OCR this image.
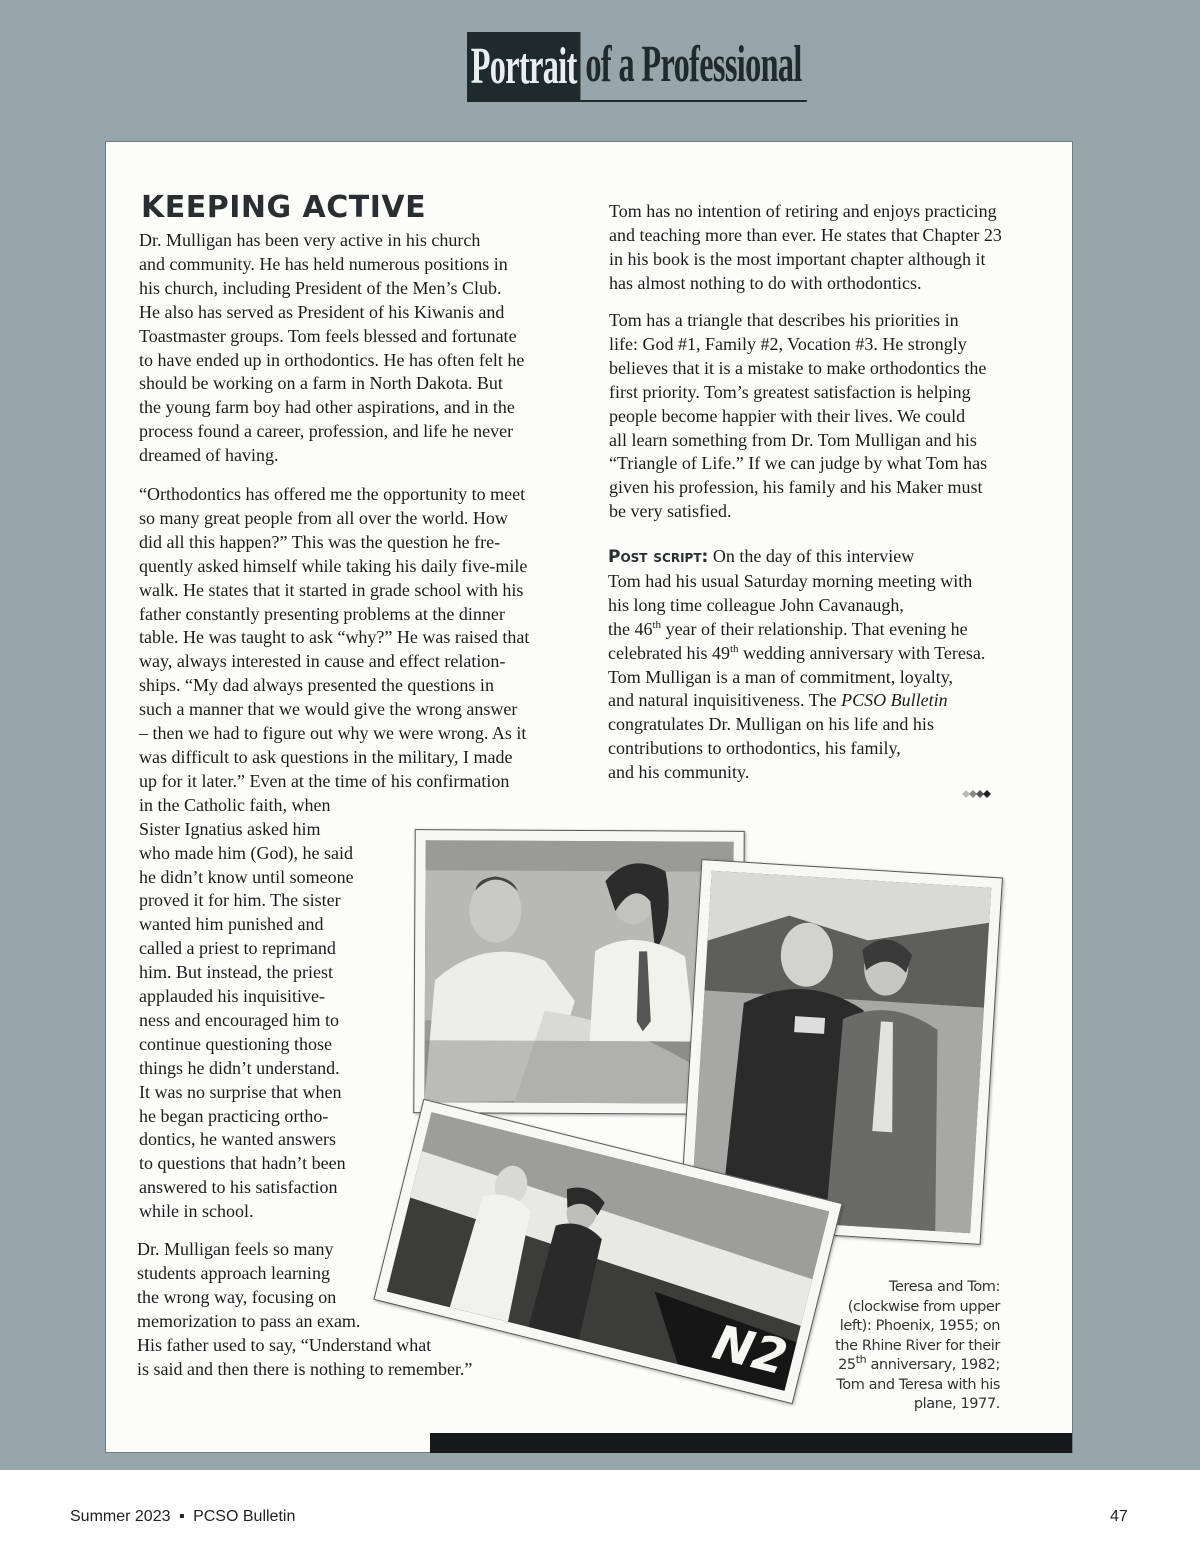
Portrait of a Professional
KEEPING ACTIVE

Dr. Mulligan has been very active in his church
and community. He has held numerous positions in
his church, including President of the Men’s Club.
He also has served as President of his Kiwanis and
Toastmaster groups. Tom feels blessed and fortunate
to have ended up in orthodontics. He has often felt he
should be working on a farm in North Dakota. But
the young farm boy had other aspirations, and in the
process found a career, profession, and life he never
dreamed of having.

“Orthodontics has offered me the opportunity to meet
so many great people from all over the world. How
did all this happen?” This was the question he fre-
quently asked himself while taking his daily five-mile
walk. He states that it started in grade school with his
father constantly presenting problems at the dinner
table. He was taught to ask “why?” He was raised that
way, always interested in cause and effect relation-
ships. “My dad always presented the questions in
such a manner that we would give the wrong answer
– then we had to figure out why we were wrong. As it
was difficult to ask questions in the military, I made
up for it later.” Even at the time of his confirmation
in the Catholic faith, when
Sister Ignatius asked him
who made him (God), he said
he didn’t know until someone
proved it for him. The sister
wanted him punished and
called a priest to reprimand
him. But instead, the priest
applauded his inquisitive-
ness and encouraged him to
continue questioning those
things he didn’t understand.
It was no surprise that when
he began practicing ortho-
dontics, he wanted answers
to questions that hadn’t been
answered to his satisfaction
while in school.

Dr. Mulligan feels so many
students approach learning
the wrong way, focusing on
memorization to pass an exam.
His father used to say, “Understand what
is said and then there is nothing to remember.”

Tom has no intention of retiring and enjoys practicing
and teaching more than ever. He states that Chapter 23
in his book is the most important chapter although it
has almost nothing to do with orthodontics.

Tom has a triangle that describes his priorities in
life: God #1, Family #2, Vocation #3. He strongly
believes that it is a mistake to make orthodontics the
first priority. Tom’s greatest satisfaction is helping
people become happier with their lives. We could
all learn something from Dr. Tom Mulligan and his
“Triangle of Life.” If we can judge by what Tom has
given his profession, his family and his Maker must
be very satisfied.

Post script: On the day of this interview
Tom had his usual Saturday morning meeting with
his long time colleague John Cavanaugh,
the 46th year of their relationship. That evening he
celebrated his 49th wedding anniversary with Teresa.
Tom Mulligan is a man of commitment, loyalty,
and natural inquisitiveness. The PCSO Bulletin
congratulates Dr. Mulligan on his life and his
contributions to orthodontics, his family,
and his community.

N2
Teresa and Tom:
(clockwise from upper
left): Phoenix, 1955; on
the Rhine River for their
25th anniversary, 1982;
Tom and Teresa with his
plane, 1977.
Summer 2023 ▪ PCSO Bulletin	47
